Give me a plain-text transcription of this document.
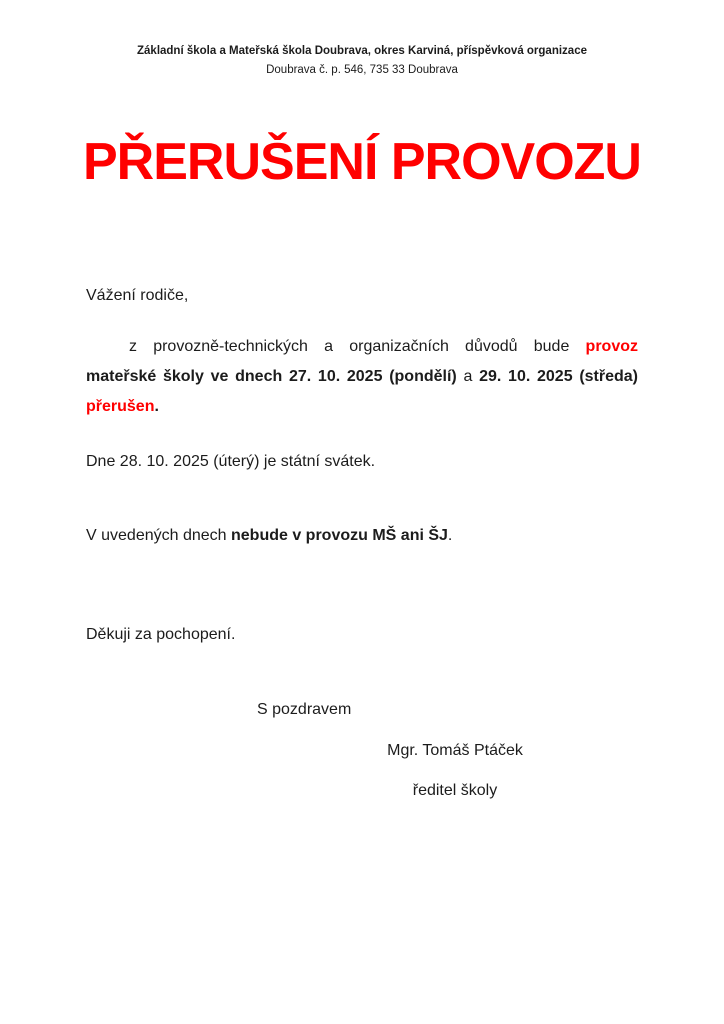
Základní škola a Mateřská škola Doubrava, okres Karviná, příspěvková organizace
Doubrava č. p. 546, 735 33 Doubrava
PŘERUŠENÍ PROVOZU
Vážení rodiče,
z provozně-technických a organizačních důvodů bude provoz mateřské školy ve dnech 27. 10. 2025 (pondělí) a 29. 10. 2025 (středa) přerušen.
Dne 28. 10. 2025 (úterý) je státní svátek.
V uvedených dnech nebude v provozu MŠ ani ŠJ.
Děkuji za pochopení.
S pozdravem
Mgr. Tomáš Ptáček
ředitel školy
